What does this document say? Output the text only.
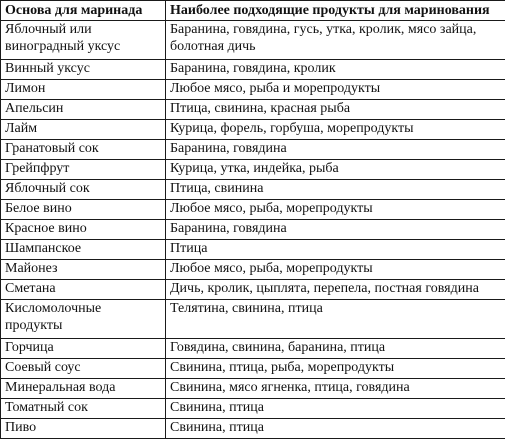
Основа для маринада	Наиболее подходящие продукты для маринования
Яблочный или виноградный уксус	Баранина, говядина, гусь, утка, кролик, мясо зайца, болотная дичь
Винный уксус	Баранина, говядина, кролик
Лимон	Любое мясо, рыба и морепродукты
Апельсин	Птица, свинина, красная рыба
Лайм	Курица, форель, горбуша, морепродукты
Гранатовый сок	Баранина, говядина
Грейпфрут	Курица, утка, индейка, рыба
Яблочный сок	Птица, свинина
Белое вино	Любое мясо, рыба, морепродукты
Красное вино	Баранина, говядина
Шампанское	Птица
Майонез	Любое мясо, рыба, морепродукты
Сметана	Дичь, кролик, цыплята, перепела, постная говядина
Кисломолочные продукты	Телятина, свинина, птица
Горчица	Говядина, свинина, баранина, птица
Соевый соус	Свинина, птица, рыба, морепродукты
Минеральная вода	Свинина, мясо ягненка, птица, говядина
Томатный сок	Свинина, птица
Пиво	Свинина, птица
